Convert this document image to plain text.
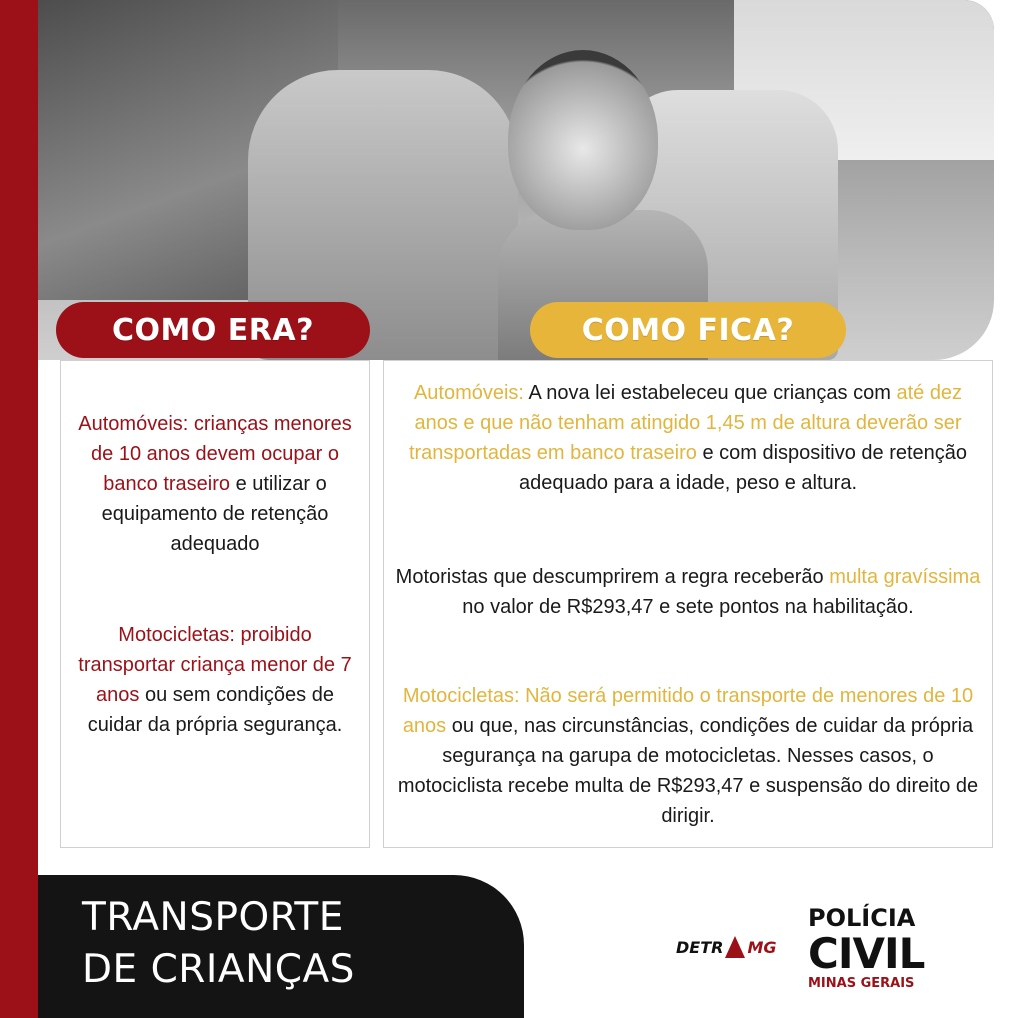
COMO ERA?	COMO FICA?

Automóveis: crianças menores de 10 anos devem ocupar o banco traseiro e utilizar o equipamento de retenção adequado

Motocicletas: proibido transportar criança menor de 7 anos ou sem condições de cuidar da própria segurança.

Automóveis: A nova lei estabeleceu que crianças com até dez anos e que não tenham atingido 1,45 m de altura deverão ser transportadas em banco traseiro e com dispositivo de retenção adequado para a idade, peso e altura.

Motoristas que descumprirem a regra receberão multa gravíssima no valor de R$293,47 e sete pontos na habilitação.

Motocicletas: Não será permitido o transporte de menores de 10 anos ou que, nas circunstâncias, condições de cuidar da própria segurança na garupa de motocicletas. Nesses casos, o motociclista recebe multa de R$293,47 e suspensão do direito de dirigir.

TRANSPORTE
DE CRIANÇAS	DETR MG
POLÍCIA
CIVIL
MINAS GERAIS
